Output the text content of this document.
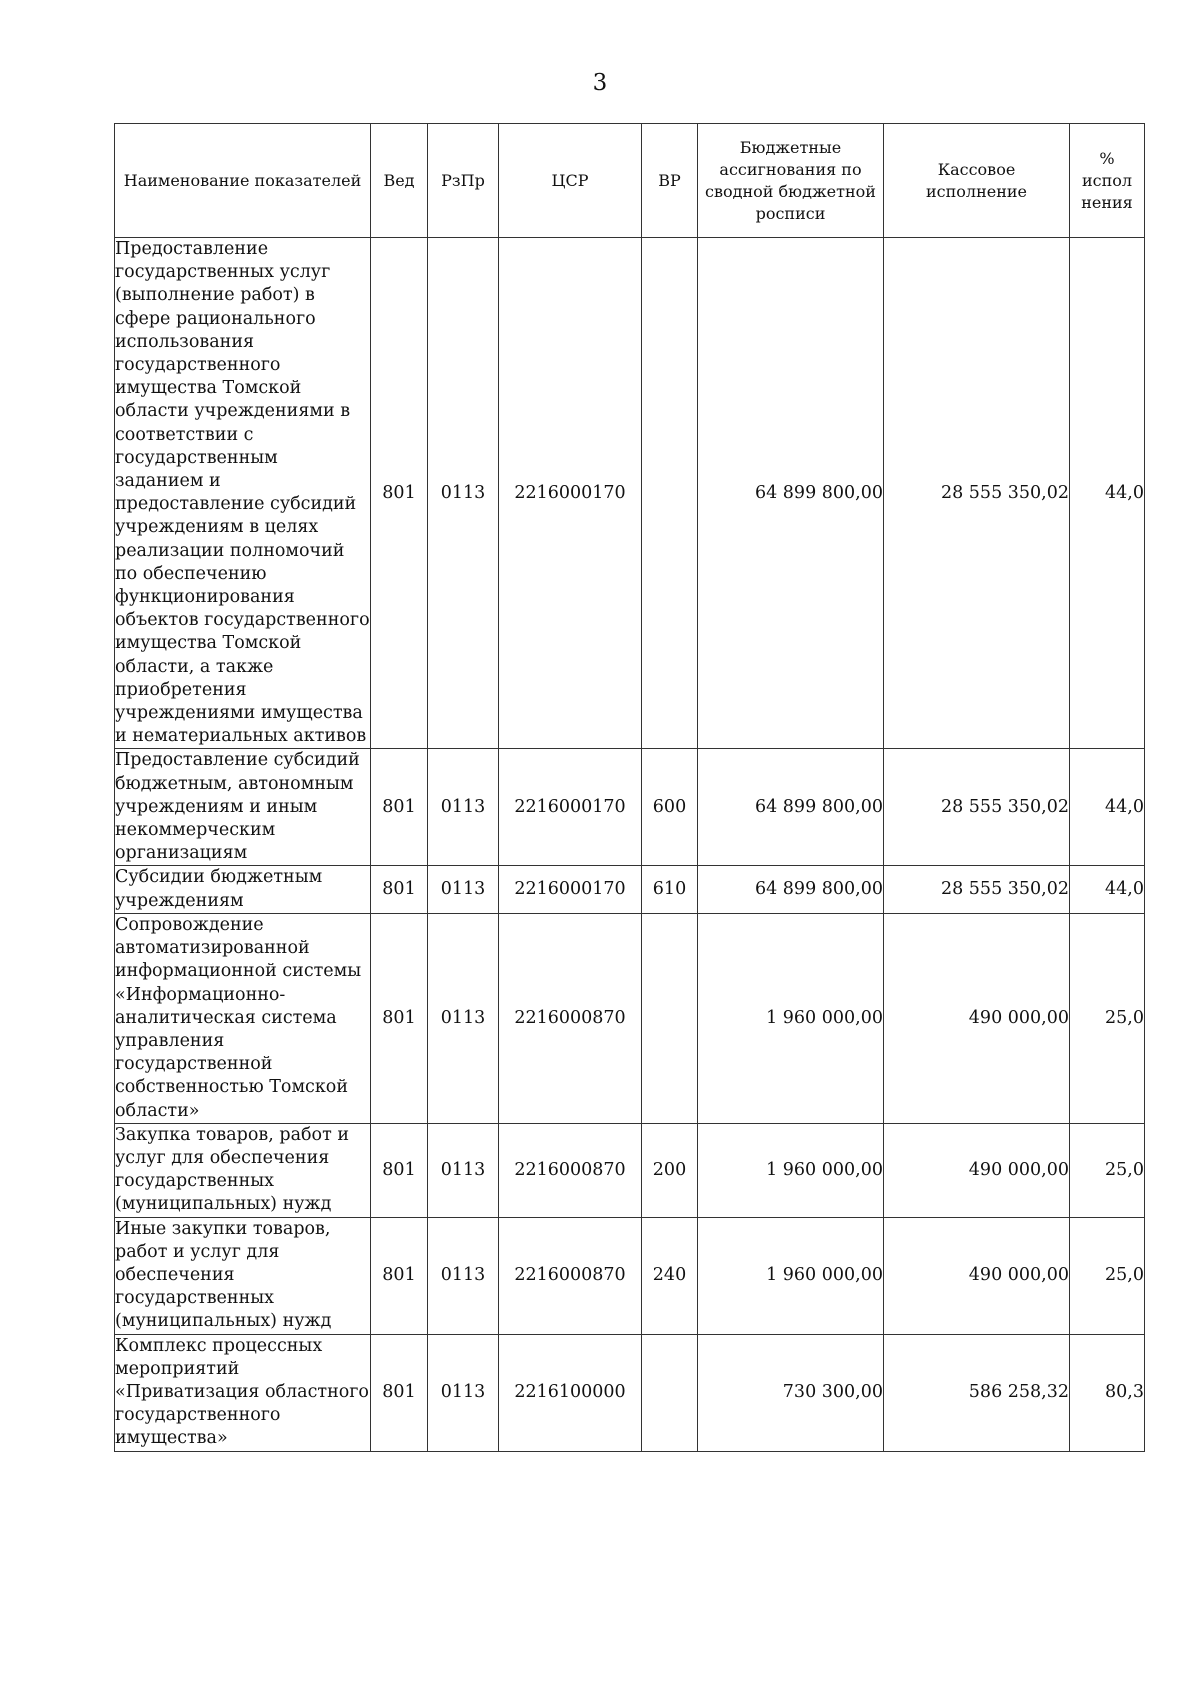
3
Наименование показателей	Вед	РзПр	ЦСР	ВР	Бюджетные ассигнования по сводной бюджетной росписи	Кассовое исполнение	% испол нения
Предоставление государственных услуг (выполнение работ) в сфере рационального использования государственного имущества Томской области учреждениями в соответствии с государственным заданием и предоставление субсидий учреждениям в целях реализации полномочий по обеспечению функционирования объектов государственного имущества Томской области, а также приобретения учреждениями имущества и нематериальных активов	801	0113	2216000170		64 899 800,00	28 555 350,02	44,0
Предоставление субсидий бюджетным, автономным учреждениям и иным некоммерческим организациям	801	0113	2216000170	600	64 899 800,00	28 555 350,02	44,0
Субсидии бюджетным учреждениям	801	0113	2216000170	610	64 899 800,00	28 555 350,02	44,0
Сопровождение автоматизированной информационной системы «Информационно-аналитическая система управления государственной собственностью Томской области»	801	0113	2216000870		1 960 000,00	490 000,00	25,0
Закупка товаров, работ и услуг для обеспечения государственных (муниципальных) нужд	801	0113	2216000870	200	1 960 000,00	490 000,00	25,0
Иные закупки товаров, работ и услуг для обеспечения государственных (муниципальных) нужд	801	0113	2216000870	240	1 960 000,00	490 000,00	25,0
Комплекс процессных мероприятий «Приватизация областного государственного имущества»	801	0113	2216100000		730 300,00	586 258,32	80,3
